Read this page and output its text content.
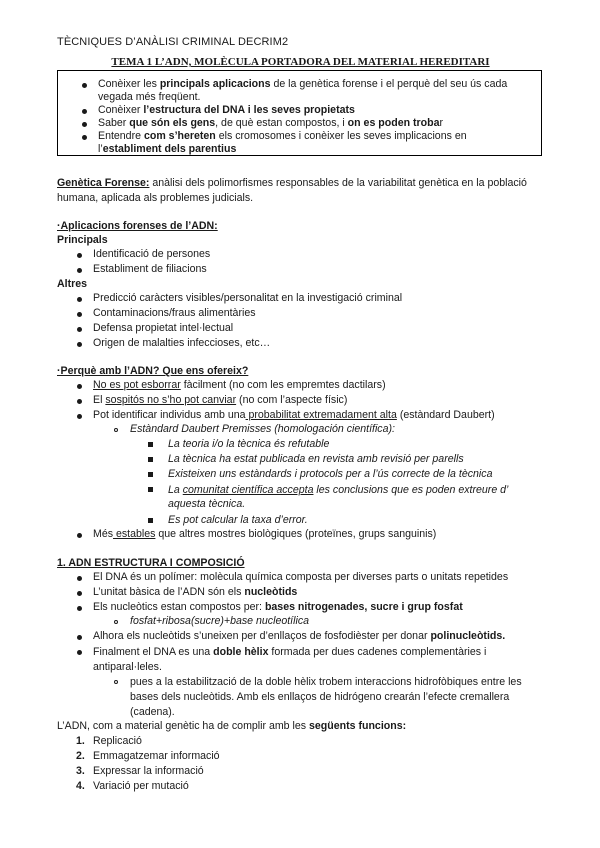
TÈCNIQUES D’ANÀLISI CRIMINAL DECRIM2
TEMA 1 L’ADN, MOLÈCULA PORTADORA DEL MATERIAL HEREDITARI
Conèixer les principals aplicacions de la genètica forense i el perquè del seu ús cada vegada més freqüent.
Conèixer l’estructura del DNA i les seves propietats
Saber que són els gens, de què estan compostos, i on es poden trobar
Entendre com s’hereten els cromosomes i conèixer les seves implicacions en l’establiment dels parentius
Genètica Forense: anàlisi dels polimorfismes responsables de la variabilitat genètica en la població humana, aplicada als problemes judicials.
·Aplicacions forenses de l’ADN:
Principals
Identificació de persones
Establiment de filiacions
Altres
Predicció caràcters visibles/personalitat en la investigació criminal
Contaminacions/fraus alimentàries
Defensa propietat intel·lectual
Origen de malalties infeccioses, etc…
·Perquè amb l’ADN? Que ens ofereix?
No es pot esborrar fàcilment (no com les empremtes dactilars)
El sospitós no s’ho pot canviar (no com l’aspecte físic)
Pot identificar individus amb una probabilitat extremadament alta (estàndard Daubert)
Estàndard Daubert Premisses (homologación científica):
La teoria i/o la tècnica és refutable
La tècnica ha estat publicada en revista amb revisió per parells
Existeixen uns estàndards i protocols per a l’ús correcte de la tècnica
La comunitat científica accepta les conclusions que es poden extreure d’ aquesta tècnica.
Es pot calcular la taxa d’error.
Més estables que altres mostres biològiques (proteïnes, grups sanguinis)
1. ADN ESTRUCTURA I COMPOSICIÓ
El DNA és un polímer: molècula química composta per diverses parts o unitats repetides
L’unitat bàsica de l’ADN són els nucleòtids
Els nucleòtics estan compostos per: bases nitrogenades, sucre i grup fosfat
fosfat+ribosa(sucre)+base nucleotílica
Alhora els nucleòtids s’uneixen per d’enllaços de fosfodièster per donar polinucleòtids.
Finalment el DNA es una doble hèlix formada per dues cadenes complementàries i antiparal·leles.
pues a la estabilització de la doble hèlix trobem interaccions hidrofòbiques entre les bases dels nucleòtids. Amb els enllaços de hidrógeno crearán l’efecte cremallera (cadena).
L’ADN, com a material genètic ha de complir amb les següents funcions:
1. Replicació
2. Emmagatzemar informació
3. Expressar la informació
4. Variació per mutació
